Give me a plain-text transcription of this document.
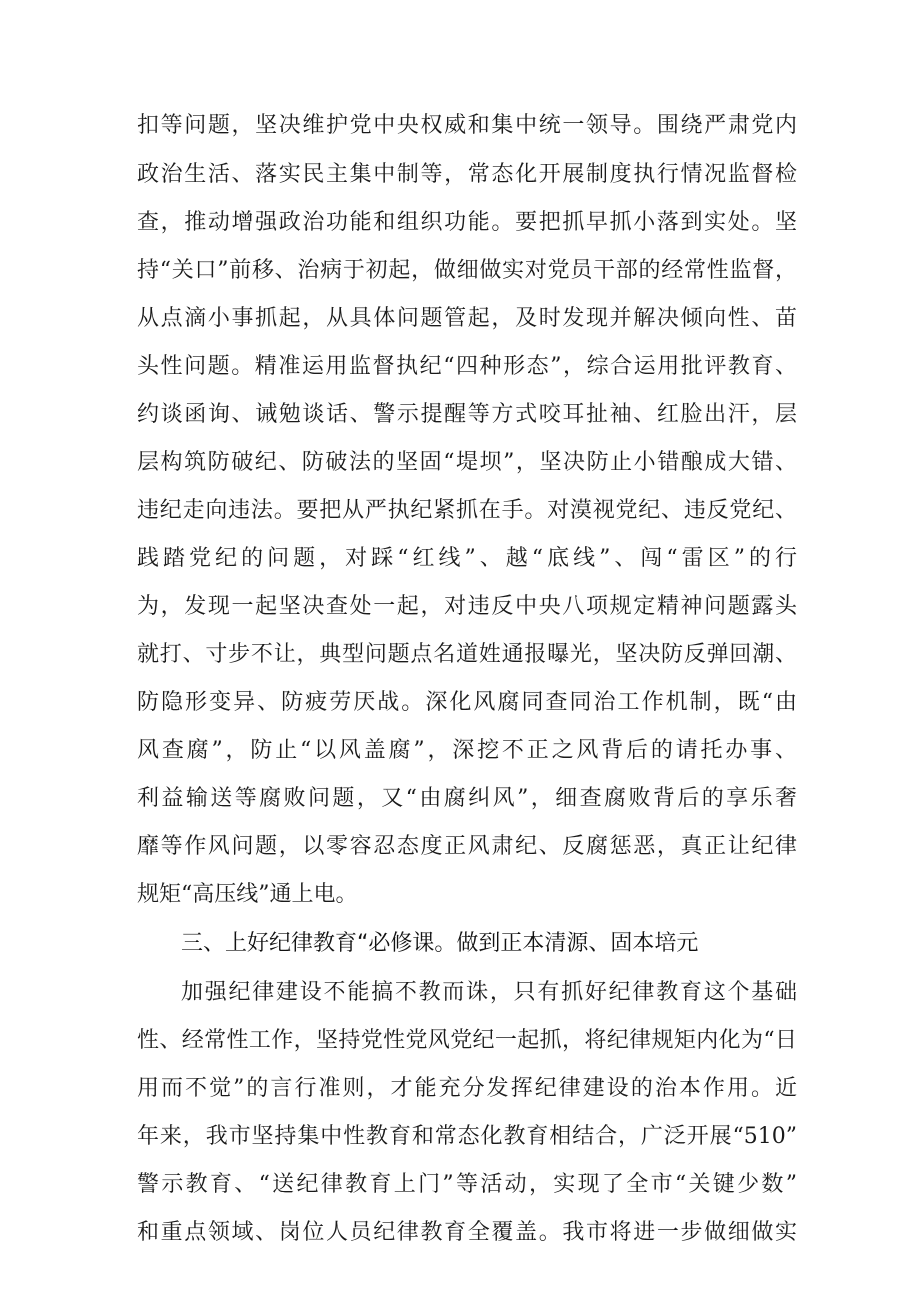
扣等问题，坚决维护党中央权威和集中统一领导。围绕严肃党内
政治生活、落实民主集中制等，常态化开展制度执行情况监督检
查，推动增强政治功能和组织功能。要把抓早抓小落到实处。坚
持“关口”前移、治病于初起，做细做实对党员干部的经常性监督，
从点滴小事抓起，从具体问题管起，及时发现并解决倾向性、苗
头性问题。精准运用监督执纪“四种形态”，综合运用批评教育、
约谈函询、诫勉谈话、警示提醒等方式咬耳扯袖、红脸出汗，层
层构筑防破纪、防破法的坚固“堤坝”，坚决防止小错酿成大错、
违纪走向违法。要把从严执纪紧抓在手。对漠视党纪、违反党纪、
践踏党纪的问题，对踩“红线”、越“底线”、闯“雷区”的行
为，发现一起坚决查处一起，对违反中央八项规定精神问题露头
就打、寸步不让，典型问题点名道姓通报曝光，坚决防反弹回潮、
防隐形变异、防疲劳厌战。深化风腐同查同治工作机制，既“由
风查腐”，防止“以风盖腐”，深挖不正之风背后的请托办事、
利益输送等腐败问题，又“由腐纠风”，细查腐败背后的享乐奢
靡等作风问题，以零容忍态度正风肃纪、反腐惩恶，真正让纪律
规矩“高压线”通上电。
三、上好纪律教育“必修课。做到正本清源、固本培元
加强纪律建设不能搞不教而诛，只有抓好纪律教育这个基础
性、经常性工作，坚持党性党风党纪一起抓，将纪律规矩内化为“日
用而不觉”的言行准则，才能充分发挥纪律建设的治本作用。近
年来，我市坚持集中性教育和常态化教育相结合，广泛开展“510”
警示教育、“送纪律教育上门”等活动，实现了全市“关键少数”
和重点领域、岗位人员纪律教育全覆盖。我市将进一步做细做实
